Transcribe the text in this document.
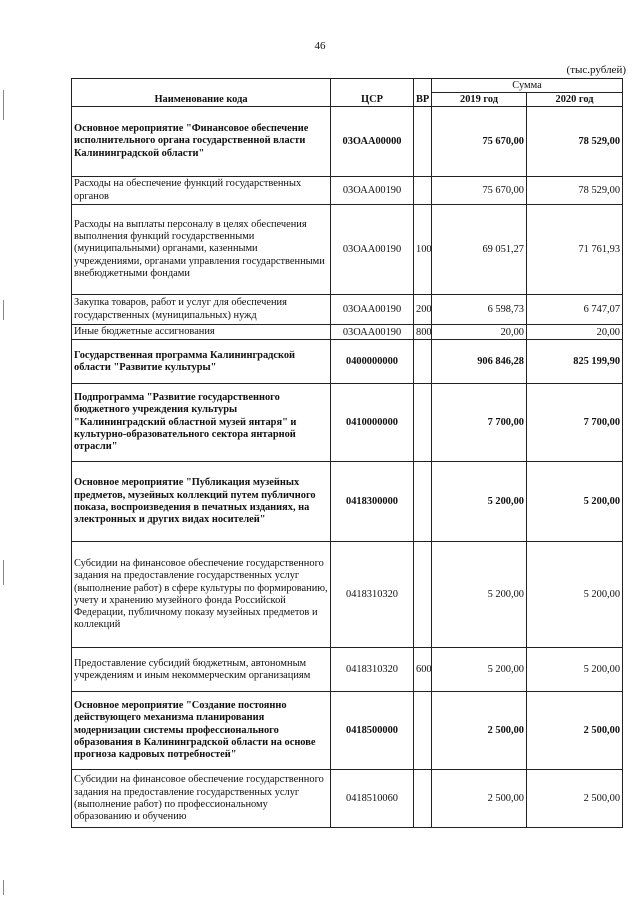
46
(тыс.рублей)
Наименование кода	ЦСР	ВР	Сумма	
			2019 год	2020 год
Основное мероприятие "Финансовое обеспечение исполнительного органа государственной власти Калининградской области"	03ОАА00000		75 670,00	78 529,00
Расходы на обеспечение функций государственных органов	03ОАА00190		75 670,00	78 529,00
Расходы на выплаты персоналу в целях обеспечения выполнения функций государственными (муниципальными) органами, казенными учреждениями, органами управления государственными внебюджетными фондами	03ОАА00190	100	69 051,27	71 761,93
Закупка товаров, работ и услуг для обеспечения государственных (муниципальных) нужд	03ОАА00190	200	6 598,73	6 747,07
Иные бюджетные ассигнования	03ОАА00190	800	20,00	20,00
Государственная программа Калининградской области "Развитие культуры"	0400000000		906 846,28	825 199,90
Подпрограмма "Развитие государственного бюджетного учреждения культуры "Калининградский областной музей янтаря" и культурно-образовательного сектора янтарной отрасли"	0410000000		7 700,00	7 700,00
Основное мероприятие "Публикация музейных предметов, музейных коллекций путем публичного показа, воспроизведения в печатных изданиях, на электронных и других видах носителей"	0418300000		5 200,00	5 200,00
Субсидии на финансовое обеспечение государственного задания на предоставление государственных услуг (выполнение работ) в сфере культуры по формированию, учету и хранению музейного фонда Российской Федерации, публичному показу музейных предметов и коллекций	0418310320		5 200,00	5 200,00
Предоставление субсидий бюджетным, автономным учреждениям и иным некоммерческим организациям	0418310320	600	5 200,00	5 200,00
Основное мероприятие "Создание постоянно действующего механизма планирования модернизации системы профессионального образования в Калининградской области на основе прогноза кадровых потребностей"	0418500000		2 500,00	2 500,00
Субсидии на финансовое обеспечение государственного задания на предоставление государственных услуг (выполнение работ) по профессиональному образованию и обучению	0418510060		2 500,00	2 500,00
